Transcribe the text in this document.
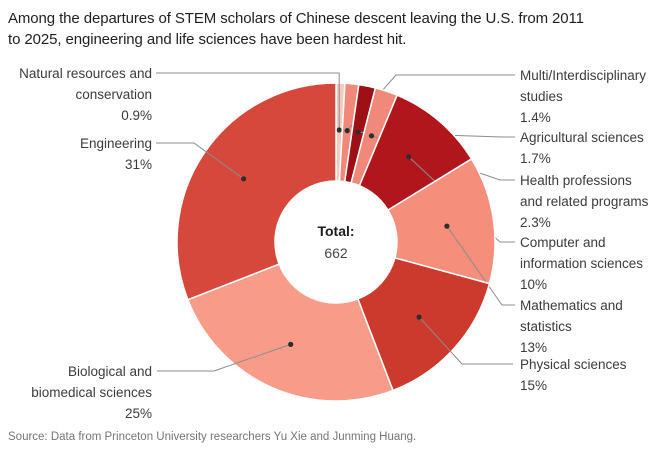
Among the departures of STEM scholars of Chinese descent leaving the U.S. from 2011
to 2025, engineering and life sciences have been hardest hit.
Natural resources and
conservation
0.9%
Multi/Interdisciplinary
studies
1.4%
Agricultural sciences
1.7%
Health professions
and related programs
2.3%
Computer and
information sciences
10%
Mathematics and
statistics
13%
Physical sciences
15%
Biological and
biomedical sciences
25%
Engineering
31%
Total:
662
Source: Data from Princeton University researchers Yu Xie and Junming Huang.
